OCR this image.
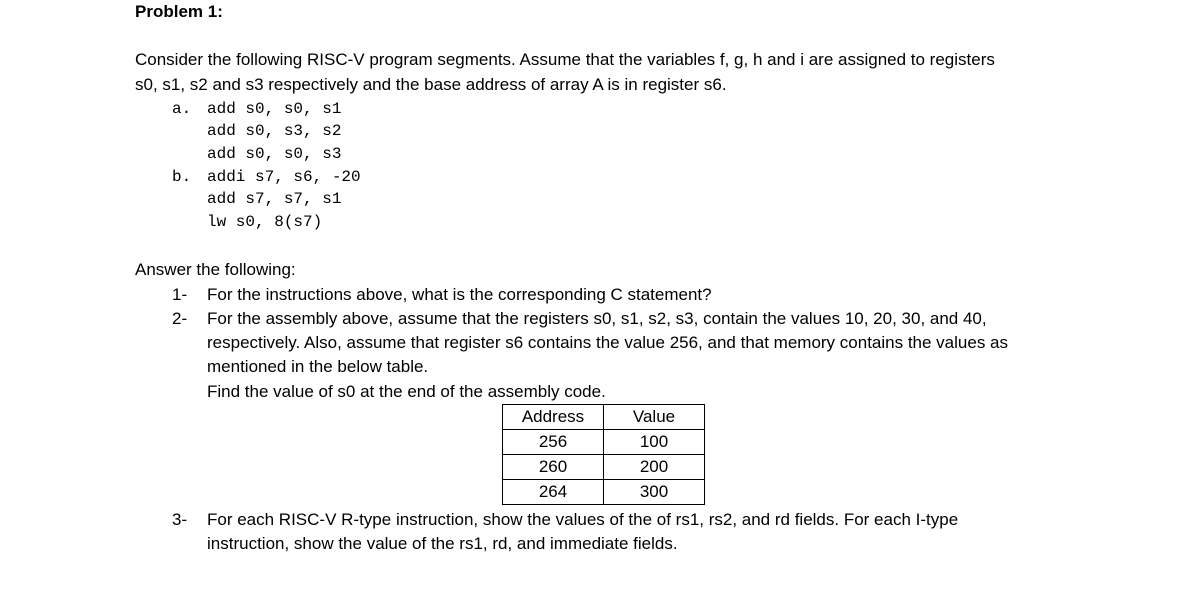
Problem 1:
Consider the following RISC-V program segments. Assume that the variables f, g, h and i are assigned to registers
s0, s1, s2 and s3 respectively and the base address of array A is in register s6.
a. add s0, s0, s1
add s0, s3, s2
add s0, s0, s3
b. addi s7, s6, -20
add s7, s7, s1
lw s0, 8(s7)
Answer the following:
1- For the instructions above, what is the corresponding C statement?
2- For the assembly above, assume that the registers s0, s1, s2, s3, contain the values 10, 20, 30, and 40,
respectively. Also, assume that register s6 contains the value 256, and that memory contains the values as
mentioned in the below table.
Find the value of s0 at the end of the assembly code.
Address	Value
256	100
260	200
264	300
3- For each RISC-V R-type instruction, show the values of the of rs1, rs2, and rd fields. For each I-type
instruction, show the value of the rs1, rd, and immediate fields.
